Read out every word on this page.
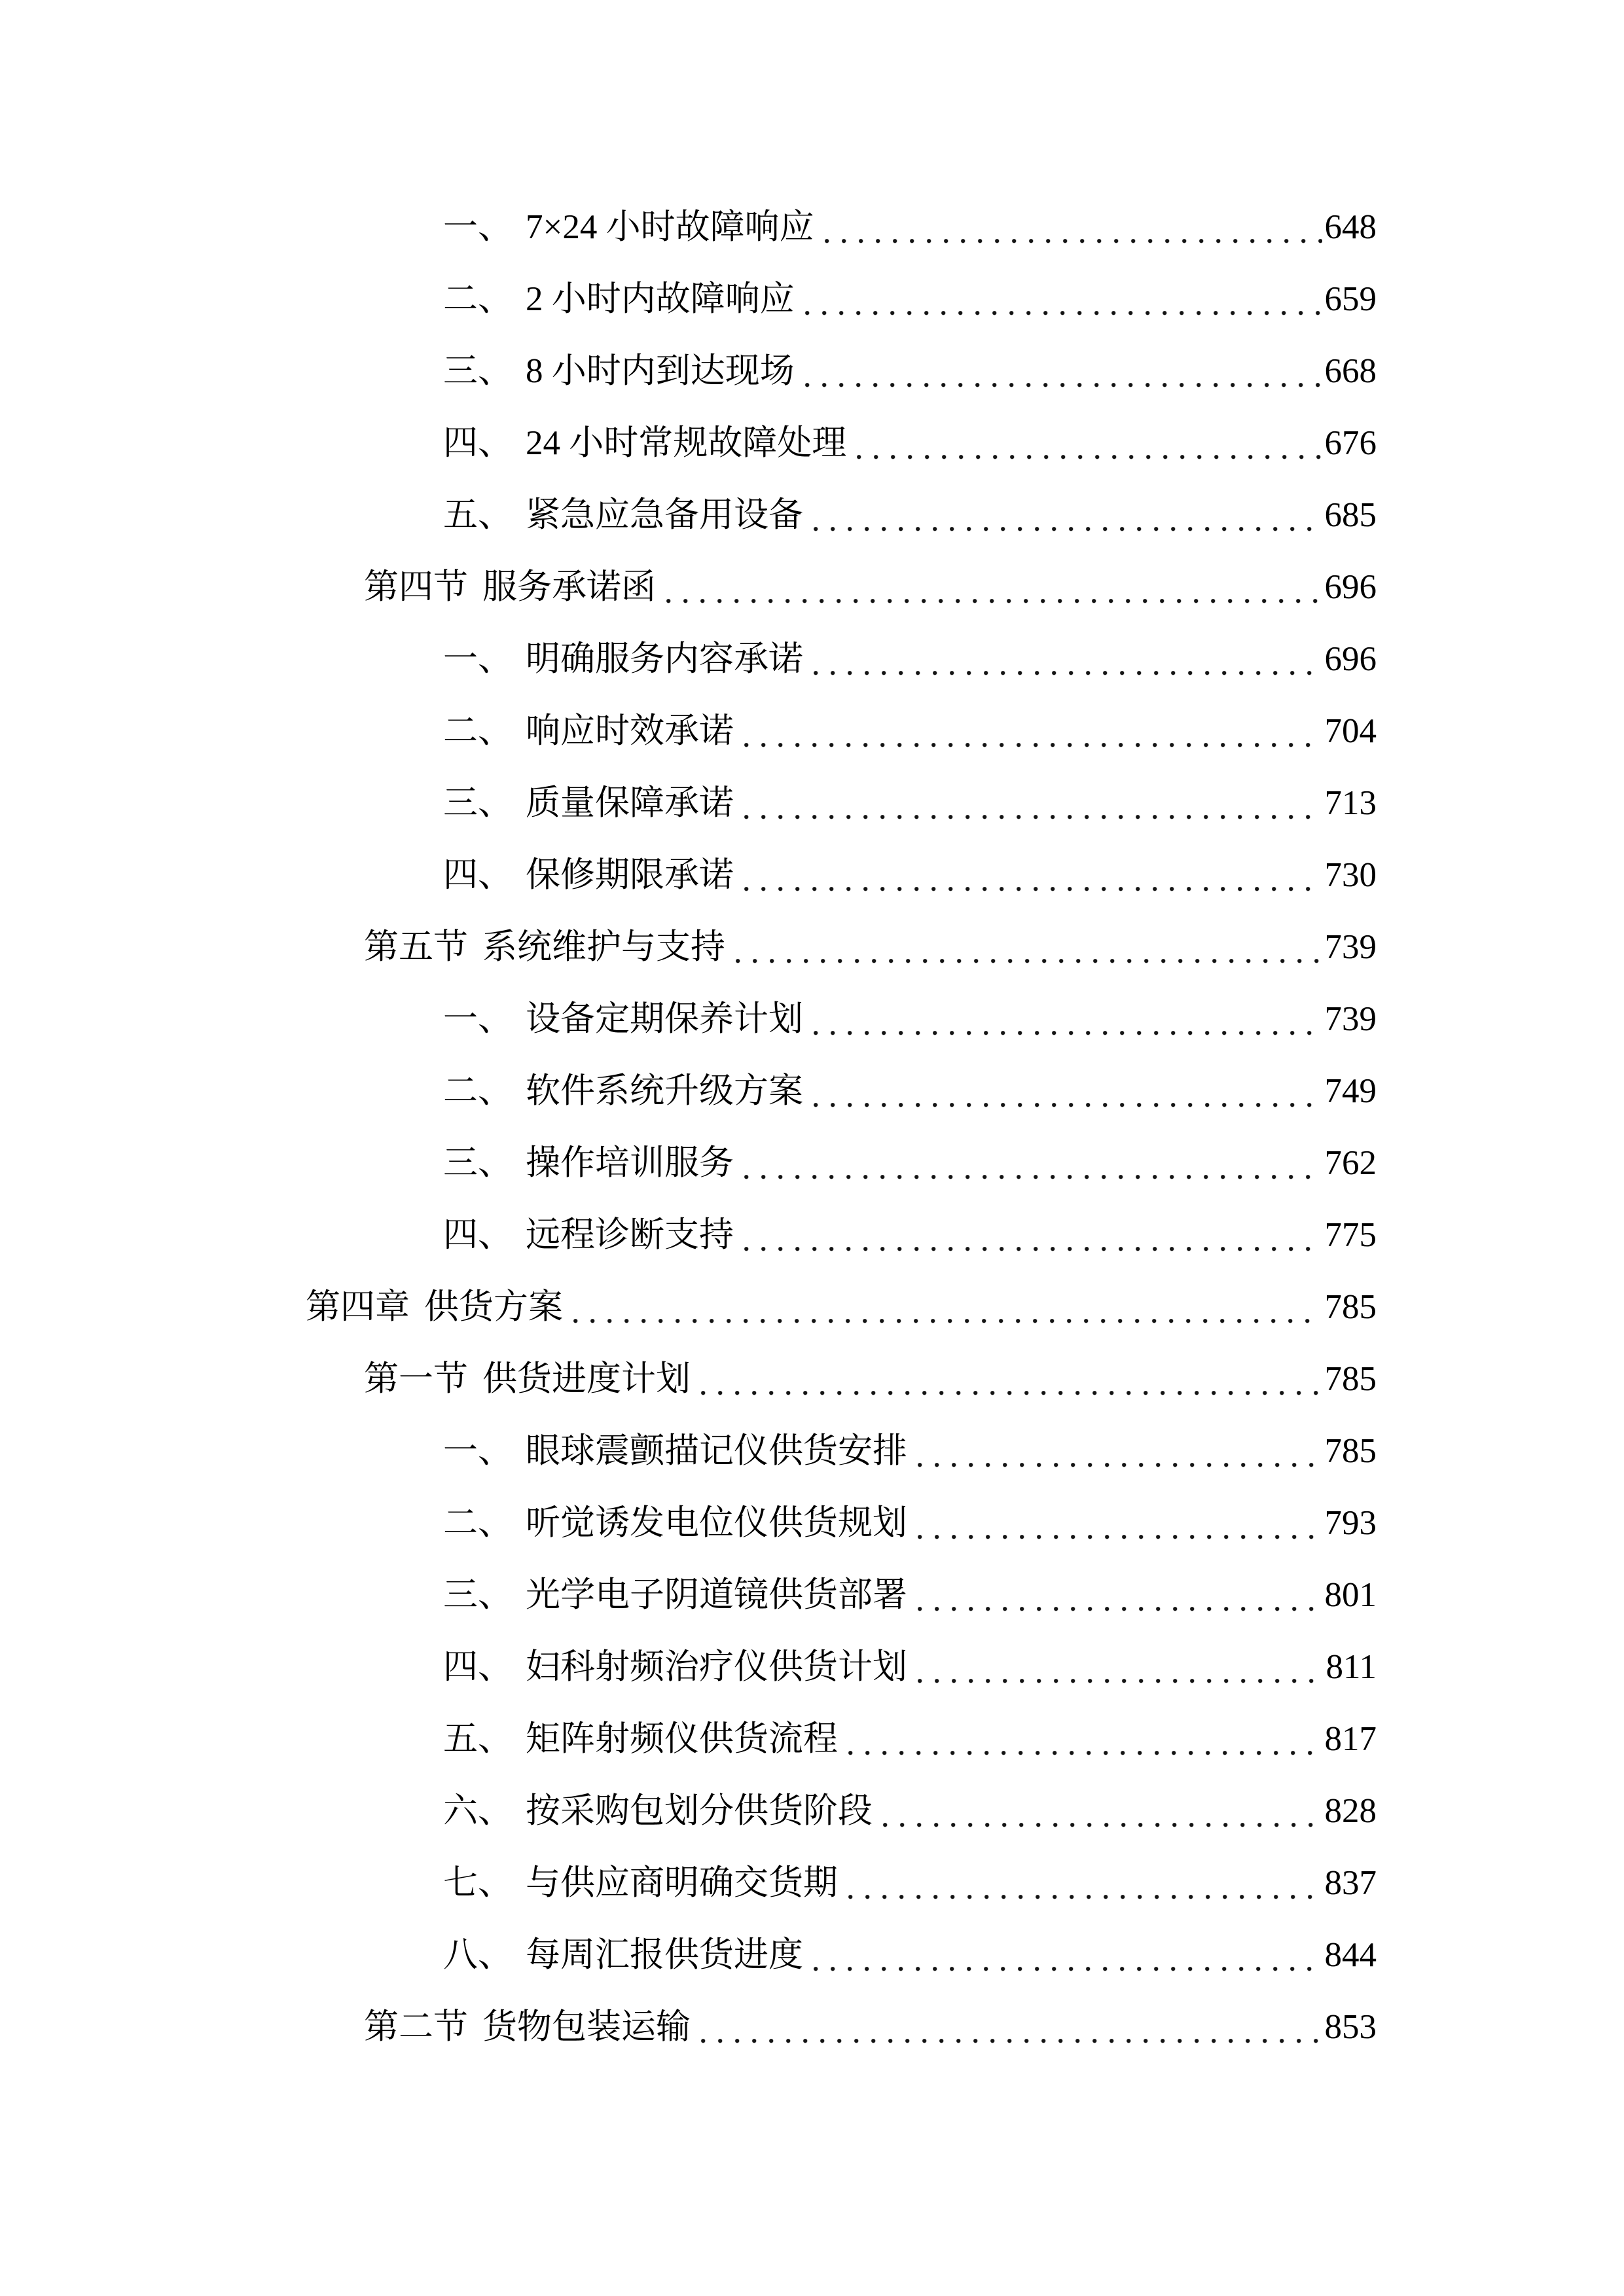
一、 7×24 小时故障响应	648
二、 2 小时内故障响应	659
三、 8 小时内到达现场	668
四、 24 小时常规故障处理	676
五、 紧急应急备用设备	685
第四节 服务承诺函	696
一、 明确服务内容承诺	696
二、 响应时效承诺	704
三、 质量保障承诺	713
四、 保修期限承诺	730
第五节 系统维护与支持	739
一、 设备定期保养计划	739
二、 软件系统升级方案	749
三、 操作培训服务	762
四、 远程诊断支持	775
第四章 供货方案	785
第一节 供货进度计划	785
一、 眼球震颤描记仪供货安排	785
二、 听觉诱发电位仪供货规划	793
三、 光学电子阴道镜供货部署	801
四、 妇科射频治疗仪供货计划	811
五、 矩阵射频仪供货流程	817
六、 按采购包划分供货阶段	828
七、 与供应商明确交货期	837
八、 每周汇报供货进度	844
第二节 货物包装运输	853
